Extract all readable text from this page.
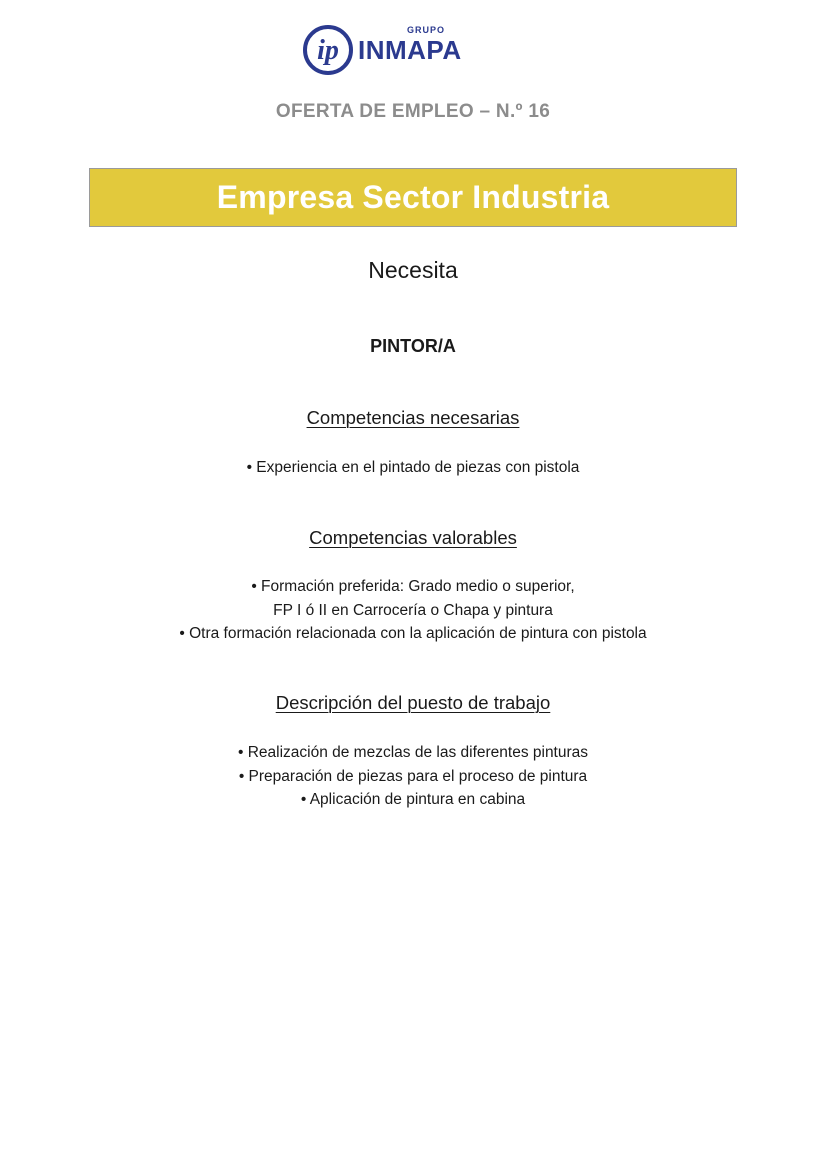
ip
GRUPO
INMAPA
OFERTA DE EMPLEO – N.º 16
Empresa Sector Industria
Necesita
PINTOR/A
Competencias necesarias
• Experiencia en el pintado de piezas con pistola
Competencias valorables
• Formación preferida: Grado medio o superior,
FP I ó II en Carrocería o Chapa y pintura
• Otra formación relacionada con la aplicación de pintura con pistola
Descripción del puesto de trabajo
• Realización de mezclas de las diferentes pinturas
• Preparación de piezas para el proceso de pintura
• Aplicación de pintura en cabina
